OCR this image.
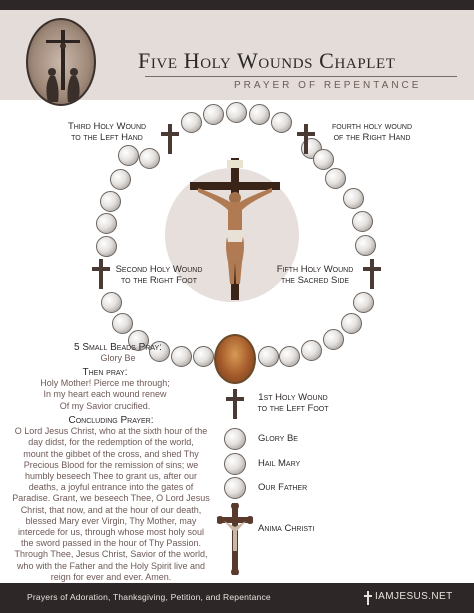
Five Holy Wounds Chaplet
PRAYER OF REPENTANCE
Third Holy Wound
to the Left Hand
fourth holy wound
of the Right Hand
Second Holy Wound
to the Right Foot
Fifth Holy Wound
the Sacred Side
1st Holy Wound
to the Left Foot
Glory Be
Hail Mary
Our Father
Anima Christi
5 Small Beads Pray:
Glory Be
Then pray:
Holy Mother! Pierce me through;
In my heart each wound renew
Of my Savior crucified.
Concluding Prayer:
O Lord Jesus Christ, who at the sixth hour of the
day didst, for the redemption of the world,
mount the gibbet of the cross, and shed Thy
Precious Blood for the remission of sins; we
humbly beseech Thee to grant us, after our
deaths, a joyful entrance into the gates of
Paradise. Grant, we beseech Thee, O Lord Jesus
Christ, that now, and at the hour of our death,
blessed Mary ever Virgin, Thy Mother, may
intercede for us, through whose most holy soul
the sword passed in the hour of Thy Passion.
Through Thee, Jesus Christ, Savior of the world,
who with the Father and the Holy Spirit live and
reign for ever and ever. Amen.
Prayers of Adoration, Thanksgiving, Petition, and Repentance	IAMJESUS.NET
